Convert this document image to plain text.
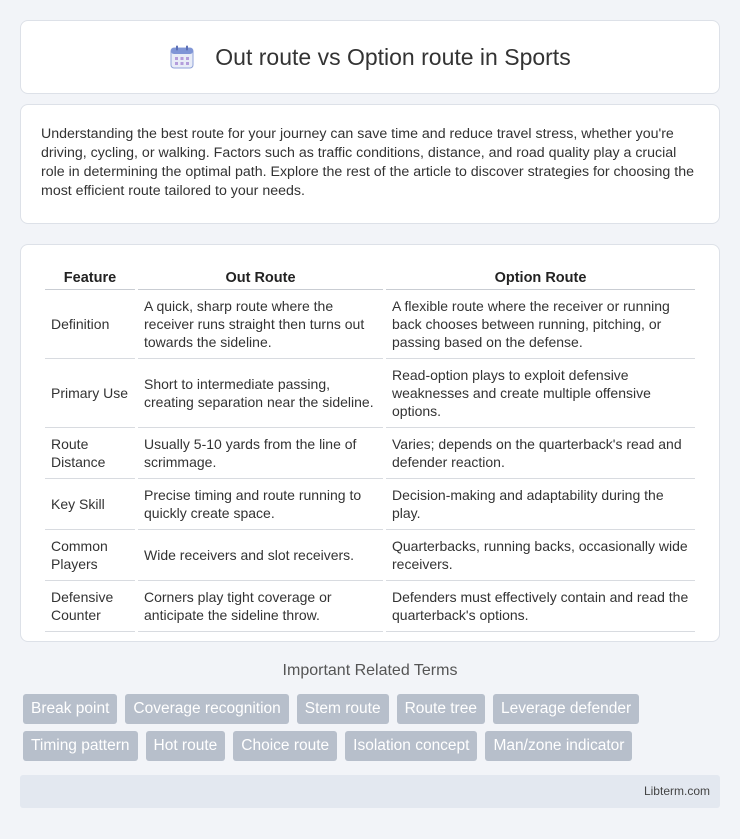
Out route vs Option route in Sports

Understanding the best route for your journey can save time and reduce travel stress, whether you're driving, cycling, or walking. Factors such as traffic conditions, distance, and road quality play a crucial role in determining the optimal path. Explore the rest of the article to discover strategies for choosing the most efficient route tailored to your needs.

Feature	Out Route	Option Route
Definition	A quick, sharp route where the receiver runs straight then turns out towards the sideline.	A flexible route where the receiver or running back chooses between running, pitching, or passing based on the defense.
Primary Use	Short to intermediate passing, creating separation near the sideline.	Read-option plays to exploit defensive weaknesses and create multiple offensive options.
Route Distance	Usually 5-10 yards from the line of scrimmage.	Varies; depends on the quarterback's read and defender reaction.
Key Skill	Precise timing and route running to quickly create space.	Decision-making and adaptability during the play.
Common Players	Wide receivers and slot receivers.	Quarterbacks, running backs, occasionally wide receivers.
Defensive Counter	Corners play tight coverage or anticipate the sideline throw.	Defenders must effectively contain and read the quarterback's options.
Important Related Terms
Break point	Coverage recognition	Stem route	Route tree	Leverage defender
Timing pattern	Hot route	Choice route	Isolation concept	Man/zone indicator
Libterm.com
